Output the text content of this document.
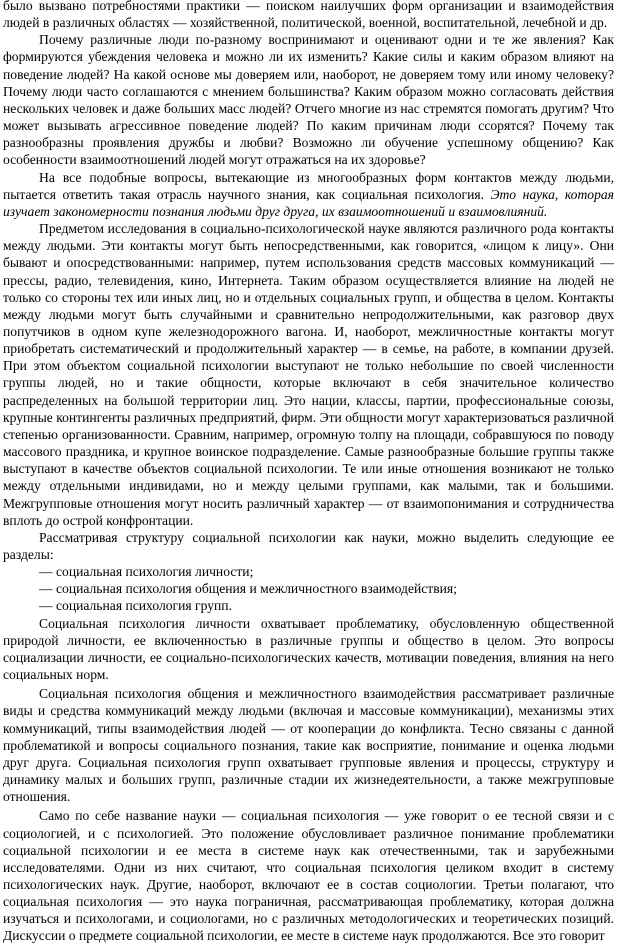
было вызвано потребностями практики — поиском наилучших форм организации и взаимодействия людей в различных областях — хозяйственной, политической, военной, воспитательной, лечебной и др.

Почему различные люди по-разному воспринимают и оценивают одни и те же явления? Как формируются убеждения человека и можно ли их изменить? Какие силы и каким образом влияют на поведение людей? На какой основе мы доверяем или, наоборот, не доверяем тому или иному человеку? Почему люди часто соглашаются с мнением большинства? Каким образом можно согласовать действия нескольких человек и даже больших масс людей? Отчего многие из нас стремятся помогать другим? Что может вызывать агрессивное поведение людей? По каким причинам люди ссорятся? Почему так разнообразны проявления дружбы и любви? Возможно ли обучение успешному общению? Как особенности взаимоотношений людей могут отражаться на их здоровье?

На все подобные вопросы, вытекающие из многообразных форм контактов между людьми, пытается ответить такая отрасль научного знания, как социальная психология. Это наука, которая изучает закономерности познания людьми друг друга, их взаимоотношений и взаимовлияний.

Предметом исследования в социально-психологической науке являются различного рода контакты между людьми. Эти контакты могут быть непосредственными, как говорится, «лицом к лицу». Они бывают и опосредствованными: например, путем использования средств массовых коммуникаций — прессы, радио, телевидения, кино, Интернета. Таким образом осуществляется влияние на людей не только со стороны тех или иных лиц, но и отдельных социальных групп, и общества в целом. Контакты между людьми могут быть случайными и сравнительно непродолжительными, как разговор двух попутчиков в одном купе железнодорожного вагона. И, наоборот, межличностные контакты могут приобретать систематический и продолжительный характер — в семье, на работе, в компании друзей. При этом объектом социальной психологии выступают не только небольшие по своей численности группы людей, но и такие общности, которые включают в себя значительное количество распределенных на большой территории лиц. Это нации, классы, партии, профессиональные союзы, крупные контингенты различных предприятий, фирм. Эти общности могут характеризоваться различной степенью организованности. Сравним, например, огромную толпу на площади, собравшуюся по поводу массового праздника, и крупное воинское подразделение. Самые разнообразные большие группы также выступают в качестве объектов социальной психологии. Те или иные отношения возникают не только между отдельными индивидами, но и между целыми группами, как малыми, так и большими. Межгрупповые отношения могут носить различный характер — от взаимопонимания и сотрудничества вплоть до острой конфронтации.

Рассматривая структуру социальной психологии как науки, можно выделить следующие ее разделы:

— социальная психология личности;

— социальная психология общения и межличностного взаимодействия;

— социальная психология групп.

Социальная психология личности охватывает проблематику, обусловленную общественной природой личности, ее включенностью в различные группы и общество в целом. Это вопросы социализации личности, ее социально-психологических качеств, мотивации поведения, влияния на него социальных норм.

Социальная психология общения и межличностного взаимодействия рассматривает различные виды и средства коммуникаций между людьми (включая и массовые коммуникации), механизмы этих коммуникаций, типы взаимодействия людей — от кооперации до конфликта. Тесно связаны с данной проблематикой и вопросы социального познания, такие как восприятие, понимание и оценка людьми друг друга. Социальная психология групп охватывает групповые явления и процессы, структуру и динамику малых и больших групп, различные стадии их жизнедеятельности, а также межгрупповые отношения.

Само по себе название науки — социальная психология — уже говорит о ее тесной связи и с социологией, и с психологией. Это положение обусловливает различное понимание проблематики социальной психологии и ее места в системе наук как отечественными, так и зарубежными исследователями. Одни из них считают, что социальная психология целиком входит в систему психологических наук. Другие, наоборот, включают ее в состав социологии. Третьи полагают, что социальная психология — это наука пограничная, рассматривающая проблематику, которая должна изучаться и психологами, и социологами, но с различных методологических и теоретических позиций. Дискуссии о предмете социальной психологии, ее месте в системе наук продолжаются. Все это говорит
